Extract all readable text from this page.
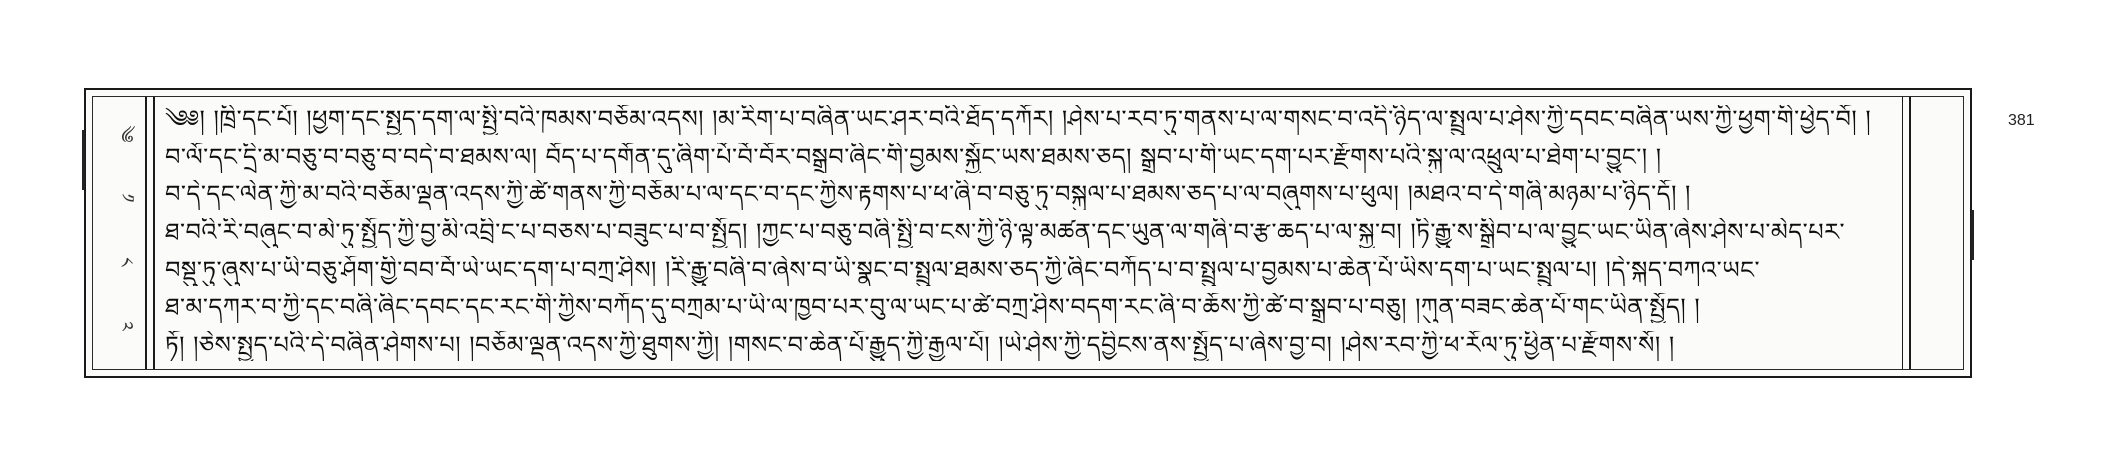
༄
༡
༨
༢
༄༅། །ཁྲི་དང་པོ། །ཕྱག་དང་སྤྱད་དག་ལ་སྤྱི་བའི་ཁམས་བཅོམ་འདས། །མ་རིག་པ་བཞིན་ཡང་ཤར་བའི་ཐོད་དཀོར། །ཤེས་པ་རབ་ཏུ་གནས་པ་ལ་གསང་བ་འདི་ཉིད་ལ་སྤྲུལ་པ་ཤེས་ཀྱི་དབང་བཞིན་ཡས་ཀྱི་ཕྱག་གི་ཕྱེད་བོ། །
བ་ལོ་དང་དྲི་མ་བཅུ་བ་བཅུ་བ་བདེ་བ་ཐམས་ལ། བོད་པ་དགོན་དུ་ཞིག་པོ་བོ་བོར་བསྒྲུབ་ཞིང་གི་བྱམས་སྐྱོང་ཡས་ཐམས་ཅད། སྒྲུབ་པ་གི་ཡང་དག་པར་རྫོགས་པའི་སྐུ་ལ་འཕྲུལ་པ་ཐེག་པ་བྱུང་། །
བ་དེ་དང་ལེན་ཀྱི་མ་བའི་བཅོམ་ལྡན་འདས་ཀྱི་ཚེ་གནས་ཀྱི་བཅོམ་པ་ལ་དང་བ་དང་ཀྱིས་རྟགས་པ་ཕ་ཞི་བ་བཅུ་ཏུ་བསྐུལ་པ་ཐམས་ཅད་པ་ལ་བཞུགས་པ་ཕུལ། །མཐའ་བ་དེ་གཞི་མཉམ་པ་ཉིད་དོ། །
ཐ་བའི་རི་བཞུང་བ་མེ་ཏུ་སྤྱོད་ཀྱི་བྱ་མི་འབྲི་ང་པ་བཅས་པ་བཟུང་པ་བ་སྤྱོད། །ཀྱང་པ་བཅུ་བཞི་སྤྱི་བ་ངས་ཀྱི་ཉི་ལྟ་མཚན་དང་ཡུན་ལ་གཞི་བ་རྩ་ཆད་པ་ལ་སྐྱ་བ། །ཏི་རྒྱུ་ས་སྒྲིབ་པ་ལ་བྱུང་ཡང་ཡིན་ཞེས་ཤེས་པ་མེད་པར་
བསྡུ་ཏུ་ཞུས་པ་ཡི་བཅུ་ཤོག་གྱི་བབ་བོ་ཡེ་ཡང་དག་པ་བཀྲ་ཤིས། །རི་རྒྱུ་བཞི་བ་ཞེས་བ་ཡི་སྣང་བ་སྤྲུལ་ཐམས་ཅད་ཀྱི་ཞིང་བཀོད་པ་བ་སྤྲུལ་པ་བྱམས་པ་ཆེན་པོ་ཡིས་དག་པ་ཡང་སྤྲུལ་པ། །དེ་སྐད་བཀའ་ཡང་
ཐ་མ་དཀར་བ་ཀྱི་དང་བཞི་ཞིང་དབང་དང་རང་གི་ཀྱིས་བཀོད་དུ་བཀྲམ་པ་ཡི་ལ་ཁྱབ་པར་བུ་ལ་ཡང་པ་ཚེ་བཀྲ་ཤིས་བདག་རང་ཞི་བ་ཆོས་ཀྱི་ཚེ་བ་སྒྲུབ་པ་བཅུ། །ཀུན་བཟང་ཆེན་པོ་གང་ཡིན་སྤྱོད། །
ཏོ། །ཅེས་སྤྱད་པའི་དེ་བཞིན་ཤེགས་པ། །བཅོམ་ལྡན་འདས་ཀྱི་ཐུགས་ཀྱི། །གསང་བ་ཆེན་པོ་རྒྱུད་ཀྱི་རྒྱལ་པོ། །ཡེ་ཤེས་ཀྱི་དབྱིངས་ནས་སྤྱོད་པ་ཞེས་བྱ་བ། །ཤེས་རབ་ཀྱི་ཕ་རོལ་ཏུ་ཕྱིན་པ་རྫོགས་སོ། །
381
